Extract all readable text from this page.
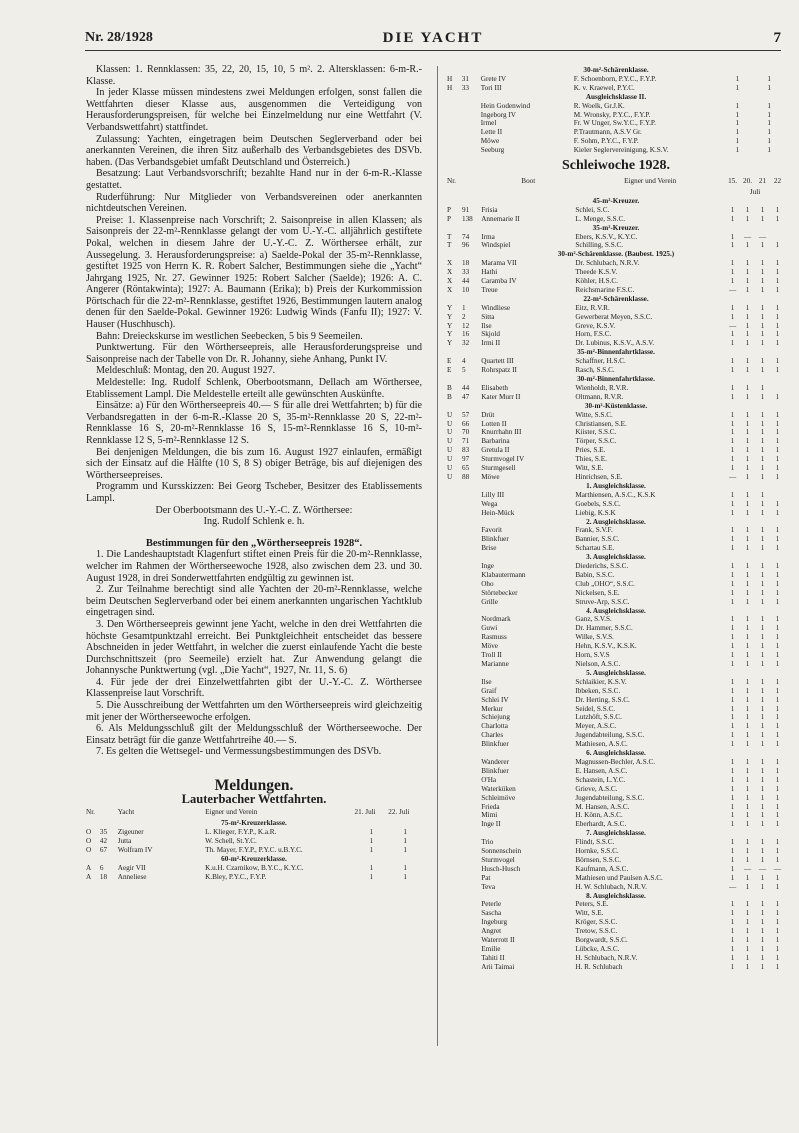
DIE YACHT
Nr. 28/1928	7

Klassen: 1. Rennklassen: 35, 22, 20, 15, 10, 5 m². 2. Altersklassen: 6-m-R.-Klasse.

In jeder Klasse müssen mindestens zwei Meldungen erfolgen, sonst fallen die Wettfahrten dieser Klasse aus, ausgenommen die Verteidigung von Herausforderungspreisen, für welche bei Einzelmeldung nur eine Wettfahrt (V. Verbandswettfahrt) stattfindet.

Zulassung: Yachten, eingetragen beim Deutschen Seglerverband oder bei anerkannten Vereinen, die ihren Sitz außerhalb des Verbandsgebietes des DSVb. haben. (Das Verbandsgebiet umfaßt Deutschland und Österreich.)

Besatzung: Laut Verbandsvorschrift; bezahlte Hand nur in der 6-m-R.-Klasse gestattet.

Ruderführung: Nur Mitglieder von Verbandsvereinen oder anerkannten nichtdeutschen Vereinen.

Preise: 1. Klassenpreise nach Vorschrift; 2. Saisonpreise in allen Klassen; als Saisonpreis der 22-m²-Rennklasse gelangt der vom U.-Y.-C. alljährlich gestiftete Pokal, welchen in diesem Jahre der U.-Y.-C. Z. Wörthersee erhält, zur Aussegelung. 3. Herausforderungspreise: a) Saelde-Pokal der 35-m²-Rennklasse, gestiftet 1925 von Herrn K. R. Robert Salcher, Bestimmungen siehe die „Yacht“ Jahrgang 1925, Nr. 27. Gewinner 1925: Robert Salcher (Saelde); 1926: A. C. Angerer (Röntakwinta); 1927: A. Baumann (Erika); b) Preis der Kurkommission Pörtschach für die 22-m²-Rennklasse, gestiftet 1926, Bestimmungen lautern analog denen für den Saelde-Pokal. Gewinner 1926: Ludwig Winds (Fanfu II); 1927: V. Hauser (Huschhusch).

Bahn: Dreieckskurse im westlichen Seebecken, 5 bis 9 Seemeilen.

Punktwertung. Für den Wörtherseepreis, alle Herausforderungspreise und Saisonpreise nach der Tabelle von Dr. R. Johanny, siehe Anhang, Punkt IV.

Meldeschluß: Montag, den 20. August 1927.

Meldestelle: Ing. Rudolf Schlenk, Oberbootsmann, Dellach am Wörthersee, Etablissement Lampl. Die Meldestelle erteilt alle gewünschten Auskünfte.

Einsätze: a) Für den Wörtherseepreis 40.— S für alle drei Wettfahrten; b) für die Verbandsregatten in der 6-m-R.-Klasse 20 S, 35-m²-Rennklasse 20 S, 22-m²-Rennklasse 16 S, 20-m²-Rennklasse 16 S, 15-m²-Rennklasse 16 S, 10-m²-Rennklasse 12 S, 5-m²-Rennklasse 12 S.

Bei denjenigen Meldungen, die bis zum 16. August 1927 einlaufen, ermäßigt sich der Einsatz auf die Hälfte (10 S, 8 S) obiger Beträge, bis auf diejenigen des Wörtherseepreises.

Programm und Kursskizzen: Bei Georg Tscheber, Besitzer des Etablissements Lampl.

Der Oberbootsmann des U.-Y.-C. Z. Wörthersee:

Ing. Rudolf Schlenk e. h.

Bestimmungen für den „Wörtherseepreis 1928“.

1. Die Landeshauptstadt Klagenfurt stiftet einen Preis für die 20-m²-Rennklasse, welcher im Rahmen der Wörtherseewoche 1928, also zwischen dem 23. und 30. August 1928, in drei Sonderwettfahrten endgültig zu gewinnen ist.

2. Zur Teilnahme berechtigt sind alle Yachten der 20-m²-Rennklasse, welche beim Deutschen Seglerverband oder bei einem anerkannten ungarischen Yachtklub eingetragen sind.

3. Den Wörtherseepreis gewinnt jene Yacht, welche in den drei Wettfahrten die höchste Gesamtpunktzahl erreicht. Bei Punktgleichheit entscheidet das bessere Abschneiden in jeder Wettfahrt, in welcher die zuerst einlaufende Yacht die beste Durchschnittszeit (pro Seemeile) erzielt hat. Zur Anwendung gelangt die Johannysche Punktwertung (vgl. „Die Yacht“, 1927, Nr. 11, S. 6)

4. Für jede der drei Einzelwettfahrten gibt der U.-Y.-C. Z. Wörthersee Klassenpreise laut Vorschrift.

5. Die Ausschreibung der Wettfahrten um den Wörtherseepreis wird gleichzeitig mit jener der Wörtherseewoche erfolgen.

6. Als Meldungsschluß gilt der Meldungsschluß der Wörtherseewoche. Der Einsatz beträgt für die ganze Wettfahrtreihe 40.— S.

7. Es gelten die Wettsegel- und Vermessungsbestimmungen des DSVb.

Meldungen.
Lauterbacher Wettfahrten.
Nr.		Yacht	Eigner und Verein	21. Juli	22. Juli
75-m²-Kreuzerklasse.					
O	35	Zigeuner	L. Klieger, F.Y.P., K.a.R.	1	1
O	42	Jutta	W. Schell, St.Y.C.	1	1
O	67	Wolfram IV	Th. Mayer, F.Y.P., P.Y.C. u.B.Y.C.	1	1
60-m²-Kreuzerklasse.					
A	6	Aegir VII	K.u.H. Czarnikow, B.Y.C., K.Y.C.	1	1
A	18	Anneliese	K.Bley, P.Y.C., F.Y.P.	1	1
30-m²-Schärenklasse.					
H	31	Grete IV	F. Schoenborn, P.Y.C., F.Y.P.	1	1
H	33	Tori III	K. v. Kraewel, P.Y.C.	1	1
Ausgleichsklasse II.					
		Hein Godenwind	R. Woelk, Gr.J.K.	1	1
		Ingeborg IV	M. Wronsky, P.Y.C., F.Y.P.	1	1
		Irmel	Fr. W Unger, Sw.Y.C., F.Y.P.	1	1
		Lette II	P.Trautmann, A.S.V Gr.	1	1
		Möwe	F. Sohm, P.Y.C., F.Y.P.	1	1
		Seeburg	Kieler Seglervereinigung, K.S.V.	1	1
Schleiwoche 1928.
Nr.		Boot	Eigner und Verein	15.	20.	21	22
				Juli			
45-m²-Kreuzer.							
P	91	Frisia	Schlei, S.C.	1	1	1	1
P	138	Annemarie II	L. Menge, S.S.C.	1	1	1	1
35-m²-Kreuzer.							
T	74	Irma	Ebers, K.S.V., K.Y.C.	1	—	—	
T	96	Windspiel	Schilling, S.S.C.	1	1	1	1
30-m²-Schärenklasse. (Baubest. 1925.)							
X	18	Marama VII	Dr. Schlubach, N.R.V.	1	1	1	1
X	33	Hathi	Theede K.S.V.	1	1	1	1
X	44	Caramba IV	Köhler, H.S.C.	1	1	1	1
X	10	Treue	Reichsmarine F.S.C.	—	1	1	1
22-m²-Schärenklasse.							
Y	1	Windliese	Eitz, R.V.R.	1	1	1	1
Y	2	Sitta	Gewerberat Meyen, S.S.C.	1	1	1	1
Y	12	Ilse	Greve, K.S.V.	—	1	1	1
Y	16	Skjold	Horn, F.S.C.	1	1	1	1
Y	32	Irmi II	Dr. Lubinus, K.S.V., A.S.V.	1	1	1	1
35-m²-Binnenfahrtklasse.							
E	4	Quartett III	Schaffner, H.S.C.	1	1	1	1
E	5	Rohrspatz II	Rasch, S.S.C.	1	1	1	1
30-m²-Binnenfahrtklasse.							
B	44	Elisabeth	Wienholdt, R.V.R.	1	1	1	
B	47	Kater Murr II	Oltmann, R.V.R.	1	1	1	1
30-m²-Küstenklasse.							
U	57	Drüt	Witte, S.S.C.	1	1	1	1
U	66	Lotten II	Christiansen, S.E.	1	1	1	1
U	70	Knurrhahn III	Kiister, S.S.C.	1	1	1	1
U	71	Barbarina	Törper, S.S.C.	1	1	1	1
U	83	Gretula II	Pries, S.E.	1	1	1	1
U	97	Sturmvogel IV	Thies, S.E.	1	1	1	1
U	65	Sturmgesell	Witt, S.E.	1	1	1	1
U	88	Möwe	Hinrichsen, S.E.	—	1	1	1
1. Ausgleichsklasse.							
		Lilly III	Marthiensen, A.S.C., K.S.K	1	1	1	
		Wega	Goebels, S.S.C.	1	1	1	1
		Hein-Mück	Liebig, K.S.K	1	1	1	1
2. Ausgleichsklasse.							
		Favorit	Frank, S.V.F.	1	1	1	1
		Blinkfuer	Bannier, S.S.C.	1	1	1	1
		Brise	Schartau S.E.	1	1	1	1
3. Ausgleichsklasse.							
		Inge	Diederichs, S.S.C.	1	1	1	1
		Klabautermann	Babin, S.S.C.	1	1	1	1
		Oho	Club „OHO“, S.S.C.	1	1	1	1
		Störtebecker	Nickelsen, S.E.	1	1	1	1
		Grille	Struve-Arp, S.S.C.	1	1	1	1
4. Ausgleichsklasse.							
		Nordmark	Ganz, S.V.S.	1	1	1	1
		Guwi	Dr. Hammer, S.S.C.	1	1	1	1
		Rasmuss	Wilke, S.V.S.	1	1	1	1
		Möve	Hehn, K.S.V., K.S.K.	1	1	1	1
		Troll II	Horn, S.V.S	1	1	1	1
		Marianne	Nielson, A.S.C.	1	1	1	1
5. Ausgleichsklasse.							
		Ilse	Schlaikier, K.S.V.	1	1	1	1
		Graif	Ibbeken, S.S.C.	1	1	1	1
		Schlei IV	Dr. Herting, S.S.C.	1	1	1	1
		Merkur	Seidel, S.S.C.	1	1	1	1
		Schiejung	Lutzhöft, S.S.C.	1	1	1	1
		Charlotta	Meyer, A.S.C.	1	1	1	1
		Charles	Jugendabteilung, S.S.C.	1	1	1	1
		Blinkfuer	Mathiesen, A.S.C.	1	1	1	1
6. Ausgleichsklasse.							
		Wanderer	Magnussen-Bechler, A.S.C.	1	1	1	1
		Blinkfuer	E. Hansen, A.S.C.	1	1	1	1
		O'Ha	Schastein, L.Y.C.	1	1	1	1
		Waterküken	Grieve, A.S.C.	1	1	1	1
		Schleimöve	Jugendabteilung, S.S.C.	1	1	1	1
		Frieda	M. Hansen, A.S.C.	1	1	1	1
		Mimi	H. Könn, A.S.C.	1	1	1	1
		Inge II	Eberhardt, A.S.C.	1	1	1	1
7. Ausgleichsklasse.							
		Trio	Flindt, S.S.C.	1	1	1	1
		Sonnenschein	Hornke, S.S.C.	1	1	1	1
		Sturmvogel	Börnsen, S.S.C.	1	1	1	1
		Husch-Husch	Kaufmann, A.S.C.	1	—	—	—
		Pat	Mathiesen und Paulsen A.S.C.	1	1	1	1
		Teva	H. W. Schlubach, N.R.V.	—	1	1	1
8. Ausgleichsklasse.							
		Peterle	Peters, S.E.	1	1	1	1
		Sascha	Witt, S.E.	1	1	1	1
		Ingeburg	Kröger, S.S.C.	1	1	1	1
		Angret	Tretow, S.S.C.	1	1	1	1
		Waterrott II	Borgwardt, S.S.C.	1	1	1	1
		Emilie	Lübcke, A.S.C.	1	1	1	1
		Tahiti II	H. Schlubach, N.R.V.	1	1	1	1
		Arii Taimai	H. R. Schlubach	1	1	1	1
